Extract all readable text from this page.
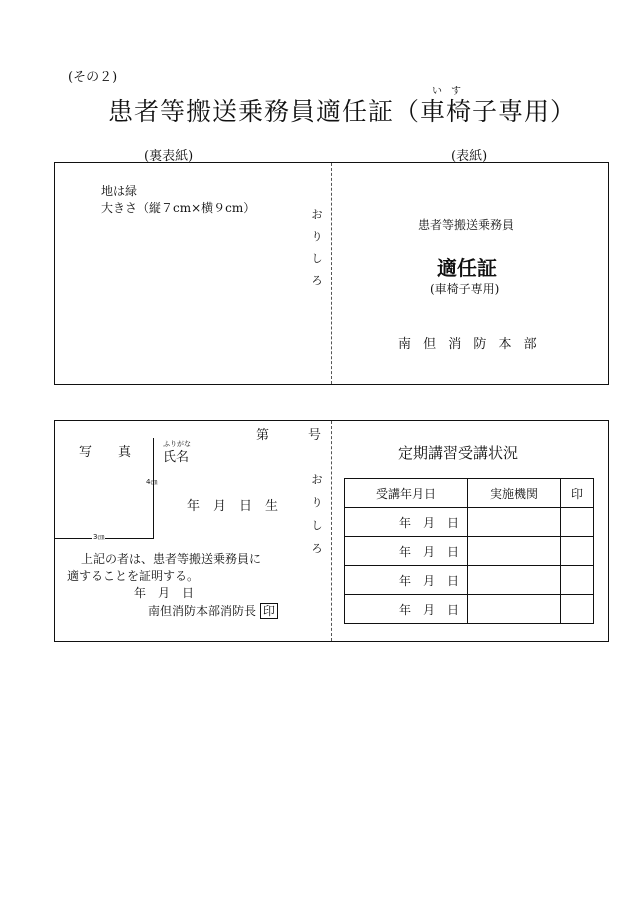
(その２)
いす
患者等搬送乗務員適任証（車椅子専用）
(裏表紙)	(表紙)
地は緑
大きさ（縦７cm×横９cm）	お
り
し
ろ
患者等搬送乗務員
適任証
(車椅子専用)
南 但 消 防 本 部
第　　　号
写　　真
ふりがな
氏名
4㎝
3㎝
年　月　日　生
お
り
し
ろ
上記の者は、患者等搬送乗務員に
適することを証明する。
年　月　日
南但消防本部消防長 印
定期講習受講状況
受講年月日	実施機関	印
年　月　日		
年　月　日		
年　月　日		
年　月　日		
